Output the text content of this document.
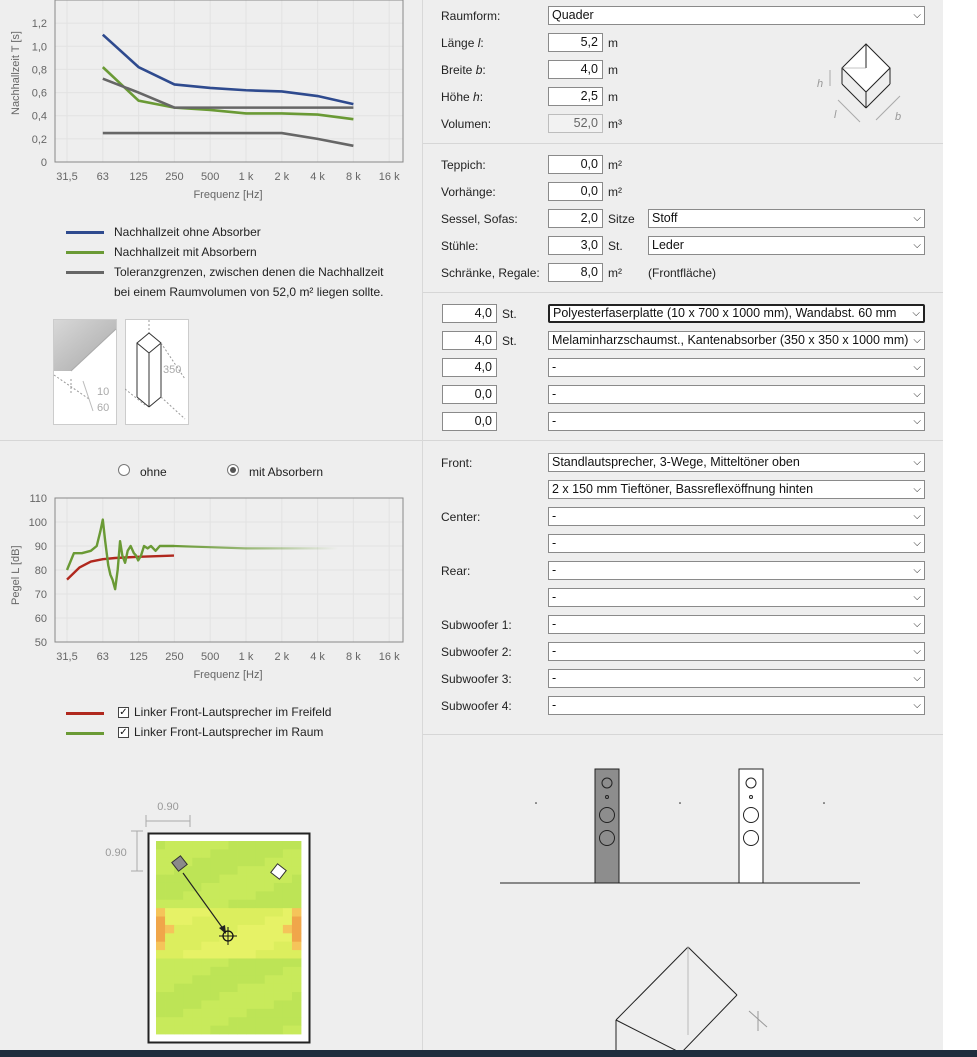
0
0,2
0,4
0,6
0,8
1,0
1,2
31,5 63 125 250 500 1 k 2 k 4 k 8 k 16 k
Frequenz [Hz]
Nachhallzeit T [s]
Nachhallzeit ohne Absorber
Nachhallzeit mit Absorbern
Toleranzgrenzen, zwischen denen die Nachhallzeit
bei einem Raumvolumen von 52,0 m² liegen sollte.
10
60
350
ohne	mit Absorbern
50
60
70
80
90
100
110
31,5 63 125 250 500 1 k 2 k 4 k 8 k 16 k
Frequenz [Hz]
Pegel L [dB]
✓ Linker Front-Lautsprecher im Freifeld
✓ Linker Front-Lautsprecher im Raum
0.90
0.90
Raumform:	Quader	⌵
Länge l:	5,2 m
Breite b:	4,0 m
Höhe h:	2,5 m
Volumen:	52,0 m³
h
l	b
Teppich:	0,0 m²
Vorhänge:	0,0 m²
Sessel, Sofas:	2,0 Sitze	Stoff	⌵
Stühle:	3,0 St.	Leder	⌵
Schränke, Regale:	8,0 m² (Frontfläche)
4,0 St.	Polyesterfaserplatte (10 x 700 x 1000 mm), Wandabst. 60 mm ⌵
4,0 St.	Melaminharzschaumst., Kantenabsorber (350 x 350 x 1000 mm) ⌵
4,0	-	⌵
0,0	-	⌵
0,0	-	⌵
Front:	Standlautsprecher, 3-Wege, Mitteltöner oben	⌵
2 x 150 mm Tieftöner, Bassreflexöffnung hinten	⌵
Center:	-	⌵
-	⌵
Rear:	-	⌵
-	⌵
Subwoofer 1:	-	⌵
Subwoofer 2:	-	⌵
Subwoofer 3:	-	⌵
Subwoofer 4:	-	⌵
